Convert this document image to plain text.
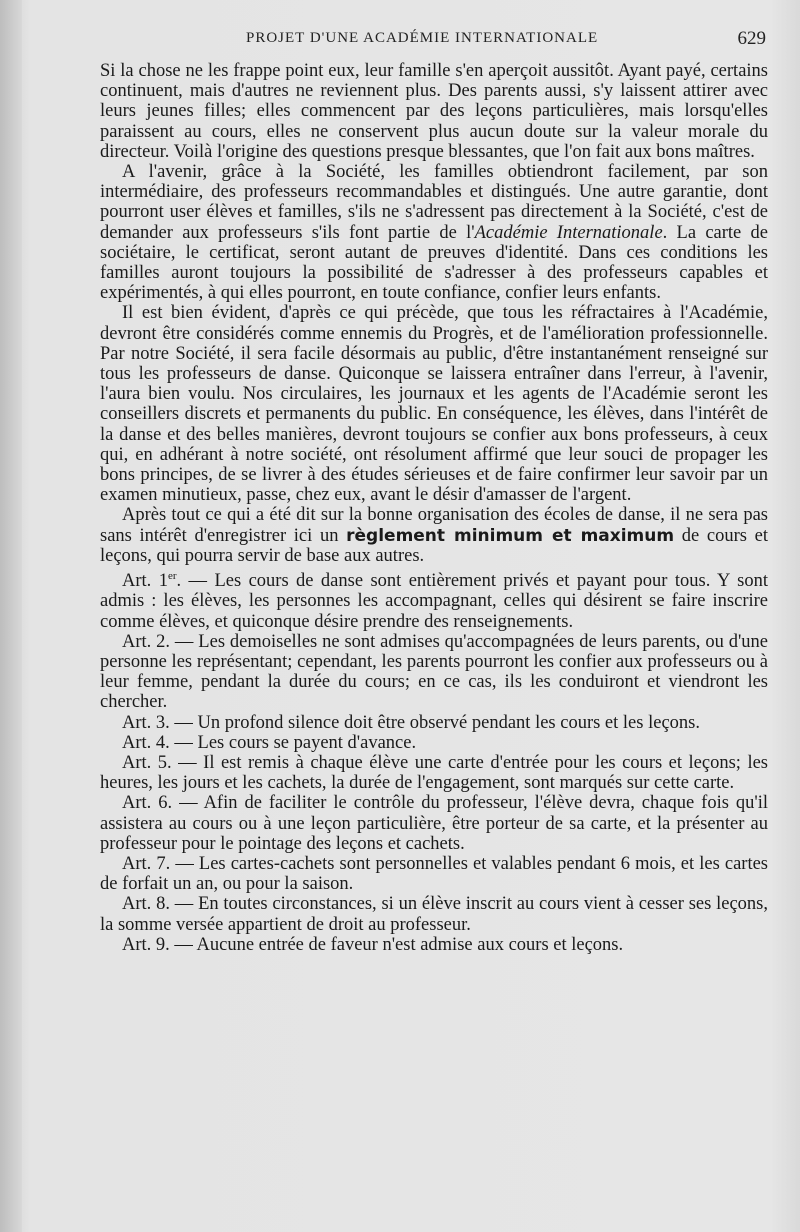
PROJET D'UNE ACADÉMIE INTERNATIONALE	629

Si la chose ne les frappe point eux, leur famille s'en aperçoit aussitôt. Ayant payé, certains continuent, mais d'autres ne reviennent plus. Des parents aussi, s'y laissent attirer avec leurs jeunes filles; elles commencent par des leçons particulières, mais lorsqu'elles paraissent au cours, elles ne conservent plus aucun doute sur la valeur morale du directeur. Voilà l'origine des questions presque blessantes, que l'on fait aux bons maîtres.

A l'avenir, grâce à la Société, les familles obtiendront facilement, par son intermédiaire, des professeurs recommandables et distingués. Une autre garantie, dont pourront user élèves et familles, s'ils ne s'adressent pas directement à la Société, c'est de demander aux professeurs s'ils font partie de l'Académie Internationale. La carte de sociétaire, le certificat, seront autant de preuves d'identité. Dans ces conditions les familles auront toujours la possibilité de s'adresser à des professeurs capables et expérimentés, à qui elles pourront, en toute confiance, confier leurs enfants.

Il est bien évident, d'après ce qui précède, que tous les réfractaires à l'Académie, devront être considérés comme ennemis du Progrès, et de l'amélioration professionnelle. Par notre Société, il sera facile désormais au public, d'être instantanément renseigné sur tous les professeurs de danse. Quiconque se laissera entraîner dans l'erreur, à l'avenir, l'aura bien voulu. Nos circulaires, les journaux et les agents de l'Académie seront les conseillers discrets et permanents du public. En conséquence, les élèves, dans l'intérêt de la danse et des belles manières, devront toujours se confier aux bons professeurs, à ceux qui, en adhérant à notre société, ont résolument affirmé que leur souci de propager les bons principes, de se livrer à des études sérieuses et de faire confirmer leur savoir par un examen minutieux, passe, chez eux, avant le désir d'amasser de l'argent.

Après tout ce qui a été dit sur la bonne organisation des écoles de danse, il ne sera pas sans intérêt d'enregistrer ici un règlement minimum et maximum de cours et leçons, qui pourra servir de base aux autres.

Art. 1er. — Les cours de danse sont entièrement privés et payant pour tous. Y sont admis : les élèves, les personnes les accompagnant, celles qui désirent se faire inscrire comme élèves, et quiconque désire prendre des renseignements.

Art. 2. — Les demoiselles ne sont admises qu'accompagnées de leurs parents, ou d'une personne les représentant; cependant, les parents pourront les confier aux professeurs ou à leur femme, pendant la durée du cours; en ce cas, ils les conduiront et viendront les chercher.

Art. 3. — Un profond silence doit être observé pendant les cours et les leçons.

Art. 4. — Les cours se payent d'avance.

Art. 5. — Il est remis à chaque élève une carte d'entrée pour les cours et leçons; les heures, les jours et les cachets, la durée de l'engagement, sont marqués sur cette carte.

Art. 6. — Afin de faciliter le contrôle du professeur, l'élève devra, chaque fois qu'il assistera au cours ou à une leçon particulière, être porteur de sa carte, et la présenter au professeur pour le pointage des leçons et cachets.

Art. 7. — Les cartes-cachets sont personnelles et valables pendant 6 mois, et les cartes de forfait un an, ou pour la saison.

Art. 8. — En toutes circonstances, si un élève inscrit au cours vient à cesser ses leçons, la somme versée appartient de droit au professeur.

Art. 9. — Aucune entrée de faveur n'est admise aux cours et leçons.
